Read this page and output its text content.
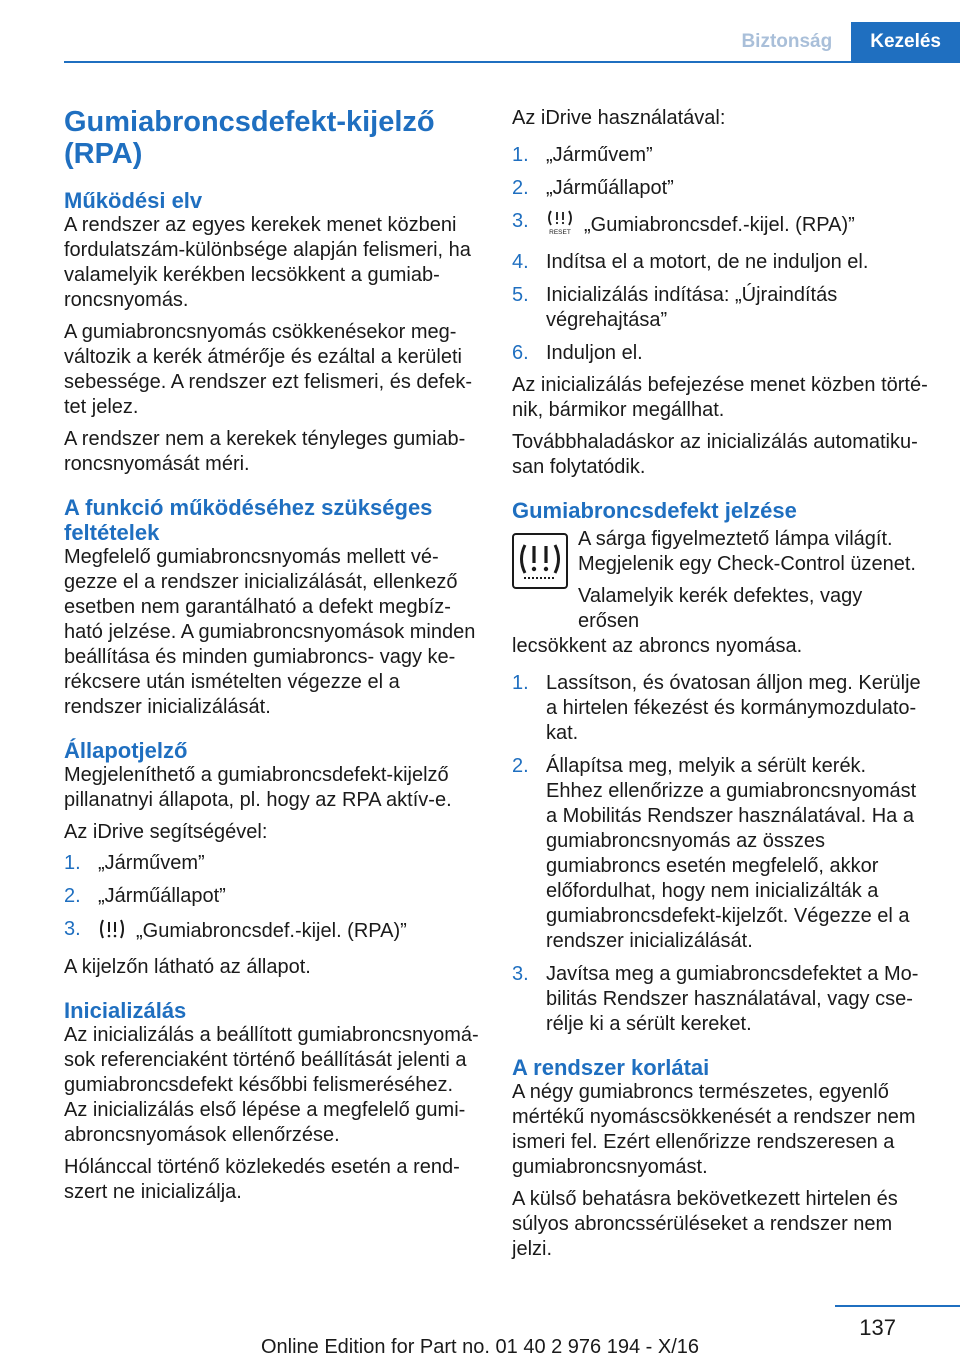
Biztonság	Kezelés
Gumiabroncsdefekt-kijelző (RPA)
Működési elv

A rendszer az egyes kerekek menet közbeni fordulatszám-különbsége alapján felismeri, ha valamelyik kerékben lecsökkent a gumiabroncsnyomás.

A gumiabroncsnyomás csökkenésekor megváltozik a kerék átmérője és ezáltal a kerületi sebessége. A rendszer ezt felismeri, és defektet jelez.

A rendszer nem a kerekek tényleges gumiabroncsnyomását méri.

A funkció működéséhez szükséges feltételek

Megfelelő gumiabroncsnyomás mellett végezze el a rendszer inicializálását, ellenkező esetben nem garantálható a defekt megbízható jelzése. A gumiabroncsnyomások minden beállítása és minden gumiabroncs- vagy kerékcsere után ismételten végezze el a rendszer inicializálását.

Állapotjelző

Megjeleníthető a gumiabroncsdefekt-kijelző pillanatnyi állapota, pl. hogy az RPA aktív-e.

Az iDrive segítségével:

1. „Járművem”
2. „Járműállapot”
3.	„Gumiabroncsdef.-kijel. (RPA)”

A kijelzőn látható az állapot.

Inicializálás

Az inicializálás a beállított gumiabroncsnyomások referenciaként történő beállítását jelenti a gumiabroncsdefekt későbbi felismeréséhez. Az inicializálás első lépése a megfelelő gumiabroncsnyomások ellenőrzése.

Hólánccal történő közlekedés esetén a rendszert ne inicializálja.

Az iDrive használatával:

1. „Járművem”
2. „Járműállapot”
3.
RESET „Gumiabroncsdef.-kijel. (RPA)”
4. Indítsa el a motort, de ne induljon el.
5. Inicializálás indítása: „Újraindítás végrehajtása”
6. Induljon el.

Az inicializálás befejezése menet közben történik, bármikor megállhat.

Továbbhaladáskor az inicializálás automatikusan folytatódik.

Gumiabroncsdefekt jelzése

A sárga figyelmeztető lámpa világít. Megjelenik egy Check-Control üzenet.

Valamelyik kerék defektes, vagy erősen

lecsökkent az abroncs nyomása.

1. Lassítson, és óvatosan álljon meg. Kerülje a hirtelen fékezést és kormánymozdulatokat.
2. Állapítsa meg, melyik a sérült kerék. Ehhez ellenőrizze a gumiabroncsnyomást a Mobilitás Rendszer használatával. Ha a gumiabroncsnyomás az összes gumiabroncs esetén megfelelő, akkor előfordulhat, hogy nem inicializálták a gumiabroncsdefekt-kijelzőt. Végezze el a rendszer inicializálását.
3. Javítsa meg a gumiabroncsdefektet a Mobilitás Rendszer használatával, vagy cserélje ki a sérült kereket.
A rendszer korlátai

A négy gumiabroncs természetes, egyenlő mértékű nyomáscsökkenését a rendszer nem ismeri fel. Ezért ellenőrizze rendszeresen a gumiabroncsnyomást.

A külső behatásra bekövetkezett hirtelen és súlyos abroncssérüléseket a rendszer nem jelzi.

137
Online Edition for Part no. 01 40 2 976 194 - X/16
